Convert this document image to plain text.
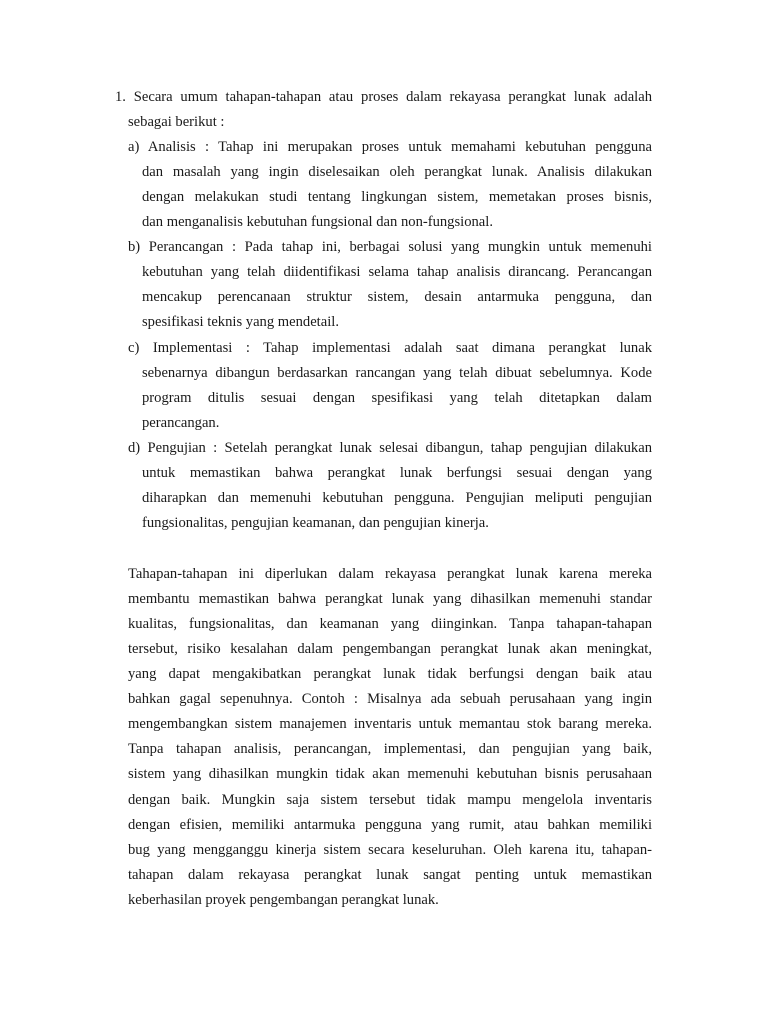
1. Secara umum tahapan-tahapan atau proses dalam rekayasa perangkat lunak adalah
sebagai berikut :
a) Analisis : Tahap ini merupakan proses untuk memahami kebutuhan pengguna
dan masalah yang ingin diselesaikan oleh perangkat lunak. Analisis dilakukan
dengan melakukan studi tentang lingkungan sistem, memetakan proses bisnis,
dan menganalisis kebutuhan fungsional dan non-fungsional.
b) Perancangan : Pada tahap ini, berbagai solusi yang mungkin untuk memenuhi
kebutuhan yang telah diidentifikasi selama tahap analisis dirancang. Perancangan
mencakup perencanaan struktur sistem, desain antarmuka pengguna, dan
spesifikasi teknis yang mendetail.
c) Implementasi : Tahap implementasi adalah saat dimana perangkat lunak
sebenarnya dibangun berdasarkan rancangan yang telah dibuat sebelumnya. Kode
program ditulis sesuai dengan spesifikasi yang telah ditetapkan dalam
perancangan.
d) Pengujian : Setelah perangkat lunak selesai dibangun, tahap pengujian dilakukan
untuk memastikan bahwa perangkat lunak berfungsi sesuai dengan yang
diharapkan dan memenuhi kebutuhan pengguna. Pengujian meliputi pengujian
fungsionalitas, pengujian keamanan, dan pengujian kinerja.
Tahapan-tahapan ini diperlukan dalam rekayasa perangkat lunak karena mereka
membantu memastikan bahwa perangkat lunak yang dihasilkan memenuhi standar
kualitas, fungsionalitas, dan keamanan yang diinginkan. Tanpa tahapan-tahapan
tersebut, risiko kesalahan dalam pengembangan perangkat lunak akan meningkat,
yang dapat mengakibatkan perangkat lunak tidak berfungsi dengan baik atau
bahkan gagal sepenuhnya. Contoh : Misalnya ada sebuah perusahaan yang ingin
mengembangkan sistem manajemen inventaris untuk memantau stok barang mereka.
Tanpa tahapan analisis, perancangan, implementasi, dan pengujian yang baik,
sistem yang dihasilkan mungkin tidak akan memenuhi kebutuhan bisnis perusahaan
dengan baik. Mungkin saja sistem tersebut tidak mampu mengelola inventaris
dengan efisien, memiliki antarmuka pengguna yang rumit, atau bahkan memiliki
bug yang mengganggu kinerja sistem secara keseluruhan. Oleh karena itu, tahapan-
tahapan dalam rekayasa perangkat lunak sangat penting untuk memastikan
keberhasilan proyek pengembangan perangkat lunak.
